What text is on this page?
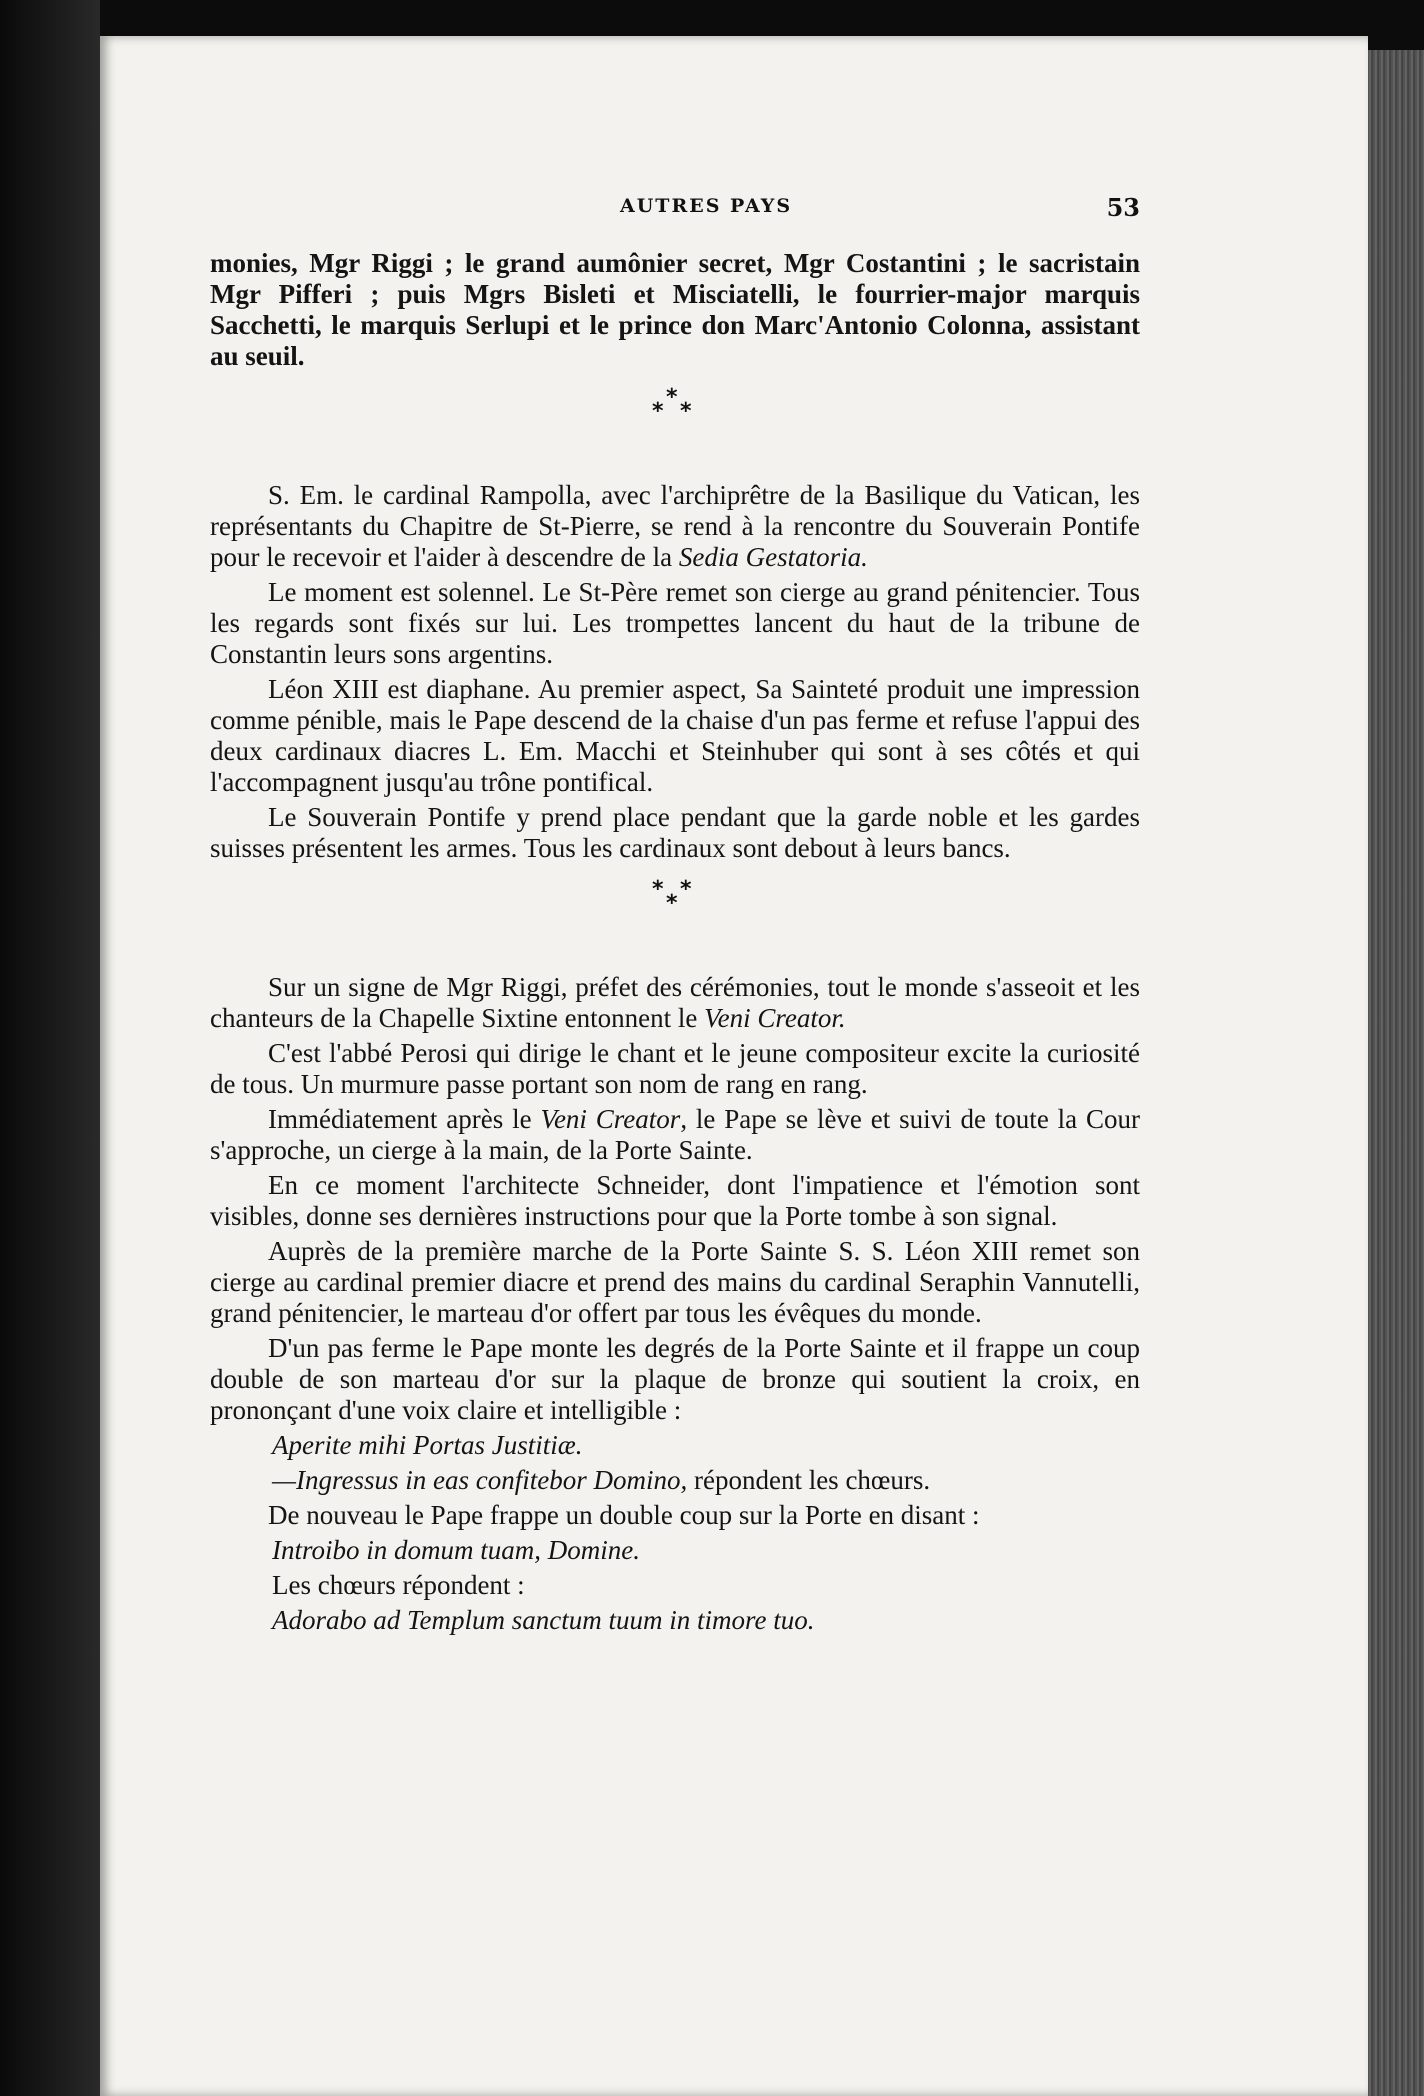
AUTRES PAYS	53

monies, Mgr Riggi ; le grand aumônier secret, Mgr Costantini ; le sacristain Mgr Pifferi ; puis Mgrs Bisleti et Misciatelli, le fourrier-major marquis Sacchetti, le marquis Serlupi et le prince don Marc'Antonio Colonna, assistant au seuil.

*
* *

S. Em. le cardinal Rampolla, avec l'archiprêtre de la Basilique du Vatican, les représentants du Chapitre de St-Pierre, se rend à la rencontre du Souverain Pontife pour le recevoir et l'aider à descendre de la Sedia Gestatoria.

Le moment est solennel. Le St-Père remet son cierge au grand pénitencier. Tous les regards sont fixés sur lui. Les trompettes lancent du haut de la tribune de Constantin leurs sons argentins.

Léon XIII est diaphane. Au premier aspect, Sa Sainteté produit une impression comme pénible, mais le Pape descend de la chaise d'un pas ferme et refuse l'appui des deux cardinaux diacres L. Em. Macchi et Steinhuber qui sont à ses côtés et qui l'accompagnent jusqu'au trône pontifical.

Le Souverain Pontife y prend place pendant que la garde noble et les gardes suisses présentent les armes. Tous les cardinaux sont debout à leurs bancs.

* *
*

Sur un signe de Mgr Riggi, préfet des cérémonies, tout le monde s'asseoit et les chanteurs de la Chapelle Sixtine entonnent le Veni Creator.

C'est l'abbé Perosi qui dirige le chant et le jeune compositeur excite la curiosité de tous. Un murmure passe portant son nom de rang en rang.

Immédiatement après le Veni Creator, le Pape se lève et suivi de toute la Cour s'approche, un cierge à la main, de la Porte Sainte.

En ce moment l'architecte Schneider, dont l'impatience et l'émotion sont visibles, donne ses dernières instructions pour que la Porte tombe à son signal.

Auprès de la première marche de la Porte Sainte S. S. Léon XIII remet son cierge au cardinal premier diacre et prend des mains du cardinal Seraphin Vannutelli, grand pénitencier, le marteau d'or offert par tous les évêques du monde.

D'un pas ferme le Pape monte les degrés de la Porte Sainte et il frappe un coup double de son marteau d'or sur la plaque de bronze qui soutient la croix, en prononçant d'une voix claire et intelligible :

Aperite mihi Portas Justitiæ.

—Ingressus in eas confitebor Domino, répondent les chœurs.

De nouveau le Pape frappe un double coup sur la Porte en disant :

Introibo in domum tuam, Domine.

Les chœurs répondent :

Adorabo ad Templum sanctum tuum in timore tuo.
